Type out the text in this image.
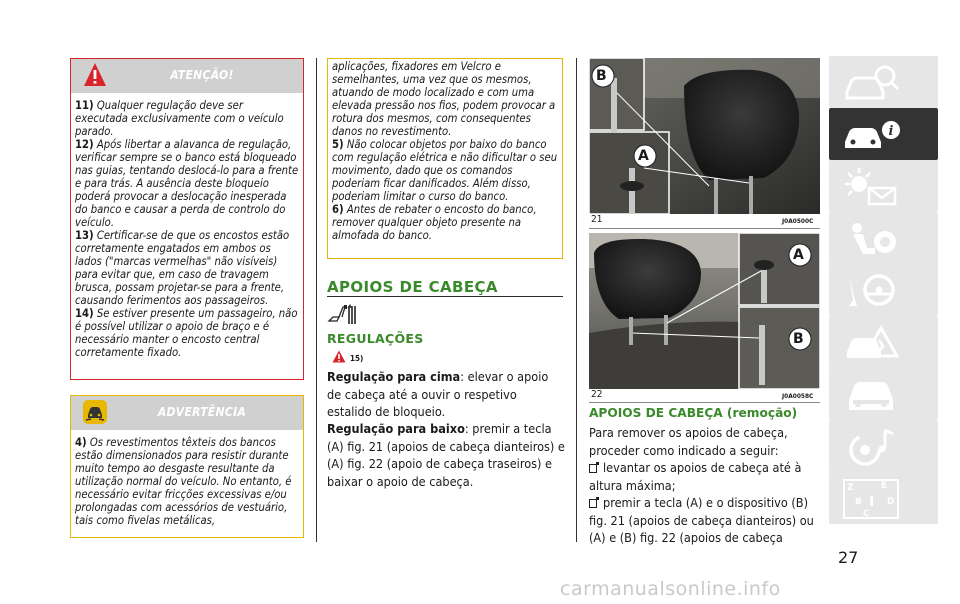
ATENÇÃO!

11) Qualquer regulação deve ser executada exclusivamente com o veículo parado.

12) Após libertar a alavanca de regulação, verificar sempre se o banco está bloqueado nas guias, tentando deslocá-lo para a frente e para trás. A ausência deste bloqueio poderá provocar a deslocação inesperada do banco e causar a perda de controlo do veículo.

13) Certificar-se de que os encostos estão corretamente engatados em ambos os lados ("marcas vermelhas" não visíveis) para evitar que, em caso de travagem brusca, possam projetar-se para a frente, causando ferimentos aos passageiros.

14) Se estiver presente um passageiro, não é possível utilizar o apoio de braço e é necessário manter o encosto central corretamente fixado.

ADVERTÊNCIA

4) Os revestimentos têxteis dos bancos estão dimensionados para resistir durante muito tempo ao desgaste resultante da utilização normal do veículo. No entanto, é necessário evitar fricções excessivas e/ou prolongadas com acessórios de vestuário, tais como fivelas metálicas,

aplicações, fixadores em Velcro e semelhantes, uma vez que os mesmos, atuando de modo localizado e com uma elevada pressão nos fios, podem provocar a rotura dos mesmos, com consequentes danos no revestimento.

5) Não colocar objetos por baixo do banco com regulação elétrica e não dificultar o seu movimento, dado que os comandos poderiam ficar danificados. Além disso, poderiam limitar o curso do banco.

6) Antes de rebater o encosto do banco, remover qualquer objeto presente na almofada do banco.

APOIOS DE CABEÇA
REGULAÇÕES
15)
Regulação para cima: elevar o apoio de cabeça até a ouvir o respetivo estalido de bloqueio.
Regulação para baixo: premir a tecla (A) fig. 21 (apoios de cabeça dianteiros) e (A) fig. 22 (apoio de cabeça traseiros) e baixar o apoio de cabeça.
B
A
21	J0A0500C
A
B
22	J0A0058C
APOIOS DE CABEÇA (remoção)
Para remover os apoios de cabeça, proceder como indicado a seguir:
levantar os apoios de cabeça até à altura máxima;
premir a tecla (A) e o dispositivo (B) fig. 21 (apoios de cabeça dianteiros) ou (A) e (B) fig. 22 (apoios de cabeça
i
Z	E
B	D
C
I
27
carmanualsonline.info
